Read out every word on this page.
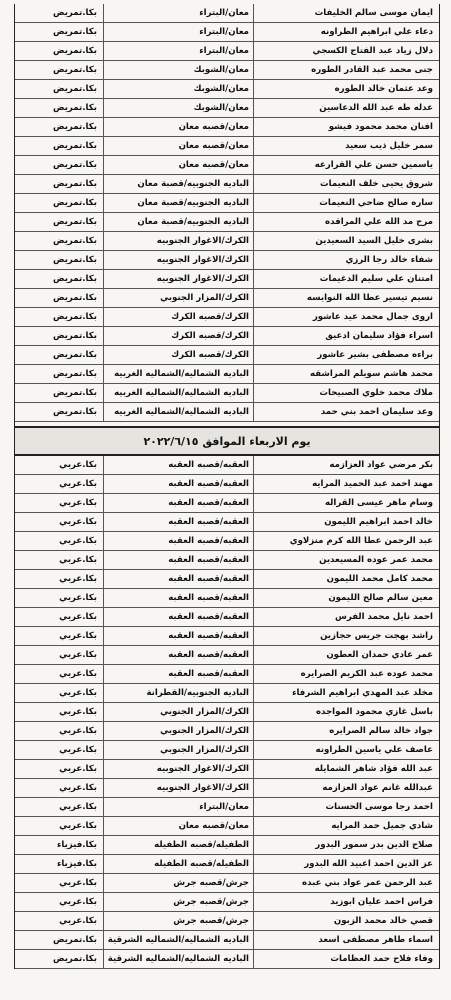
ايمان موسى سالم الخليفات
معان/البتراء
بكا.تمريض
دعاء علي ابراهيم الطراونه
معان/البتراء
بكا.تمريض
دلال زياد عبد الفتاح الكسجي
معان/البتراء
بكا.تمريض
جنى محمد عبد القادر الطوره
معان/الشوبك
بكا.تمريض
وعد عثمان خالد الطوره
معان/الشوبك
بكا.تمريض
عدله طه عبد الله الدعاسين
معان/الشوبك
بكا.تمريض
افنان محمد محمود فيشو
معان/قصبه معان
بكا.تمريض
سمر خليل ذيب سعيد
معان/قصبه معان
بكا.تمريض
ياسمين حسن علي القرارعه
معان/قصبه معان
بكا.تمريض
شروق يحيى خلف النعيمات
الباديه الجنوبيه/قصبة معان
بكا.تمريض
ساره صالح ضاحي النعيمات
الباديه الجنوبيه/قصبة معان
بكا.تمريض
مرح مد الله علي المراقده
الباديه الجنوبيه/قصبة معان
بكا.تمريض
بشرى خليل السيد السعيدين
الكرك/الاغوار الجنوبيه
بكا.تمريض
شفاء خالد رجا الرزي
الكرك/الاغوار الجنوبيه
بكا.تمريض
امتنان علي سليم الدغيمات
الكرك/الاغوار الجنوبيه
بكا.تمريض
نسيم تيسير عطا الله النوايسه
الكرك/المزار الجنوبي
بكا.تمريض
اروى جمال محمد عيد عاشور
الكرك/قصبه الكرك
بكا.تمريض
اسراء فؤاد سليمان ادعيق
الكرك/قصبه الكرك
بكا.تمريض
براءه مصطفى بشير عاشور
الكرك/قصبه الكرك
بكا.تمريض
محمد هاشم سويلم المراشقه
الباديه الشماليه/الشماليه الغربيه
بكا.تمريض
ملاك محمد خلوي الصبيحات
الباديه الشماليه/الشماليه الغربيه
بكا.تمريض
وعد سليمان احمد بني حمد
الباديه الشماليه/الشماليه الغربيه
بكا.تمريض
يوم الاربعاء الموافق ٢٠٢٢/٦/١٥
بكر مرضي عواد العزازمه
العقبه/قصبه العقبه
بكا.عربي
مهند احمد عبد الحميد المرايه
العقبه/قصبه العقبه
بكا.عربي
وسام ماهر عيسى القراله
العقبه/قصبه العقبه
بكا.عربي
خالد احمد ابراهيم الليمون
العقبه/قصبه العقبه
بكا.عربي
عبد الرحمن عطا الله كرم منزلاوي
العقبه/قصبه العقبه
بكا.عربي
محمد عمر عوده المسيعدين
العقبه/قصبه العقبه
بكا.عربي
محمد كامل محمد الليمون
العقبه/قصبه العقبه
بكا.عربي
معين سالم صالح الليمون
العقبه/قصبه العقبه
بكا.عربي
احمد نايل محمد الفرس
العقبه/قصبه العقبه
بكا.عربي
راشد بهجت جريس حجازين
العقبه/قصبه العقبه
بكا.عربي
عمر عادي حمدان العطون
العقبه/قصبه العقبه
بكا.عربي
محمد عوده عبد الكريم الصرايره
العقبه/قصبه العقبه
بكا.عربي
مخلد عبد المهدي ابراهيم الشرفاء
الباديه الجنوبيه/القطرانة
بكا.عربي
باسل غازي محمود المواجده
الكرك/المزار الجنوبي
بكا.عربي
جواد خالد سالم الصرايره
الكرك/المزار الجنوبي
بكا.عربي
عاصف علي ياسين الطراونه
الكرك/المزار الجنوبي
بكا.عربي
عبد الله فؤاد شاهر الشمايله
الكرك/الاغوار الجنوبيه
بكا.عربي
عبدالله غانم عواد العزازمه
الكرك/الاغوار الجنوبيه
بكا.عربي
احمد رجا موسى الحسنات
معان/البتراء
بكا.عربي
شادي جميل حمد المرايه
معان/قصبه معان
بكا.عربي
صلاح الدين بدر سمور البدور
الطفيله/قصبه الطفيله
بكا.فيزياء
عز الدين احمد اعبيد الله البدور
الطفيله/قصبه الطفيله
بكا.فيزياء
عبد الرحمن عمر عواد بني عبده
جرش/قصبه جرش
بكا.عربي
فراس احمد عليان ابوزيد
جرش/قصبه جرش
بكا.عربي
قصي خالد محمد الزبون
جرش/قصبه جرش
بكا.عربي
اسماء طاهر مصطفى اسعد
الباديه الشماليه/الشماليه الشرقية
بكا.تمريض
وفاء فلاح حمد العظامات
الباديه الشماليه/الشماليه الشرقية
بكا.تمريض
